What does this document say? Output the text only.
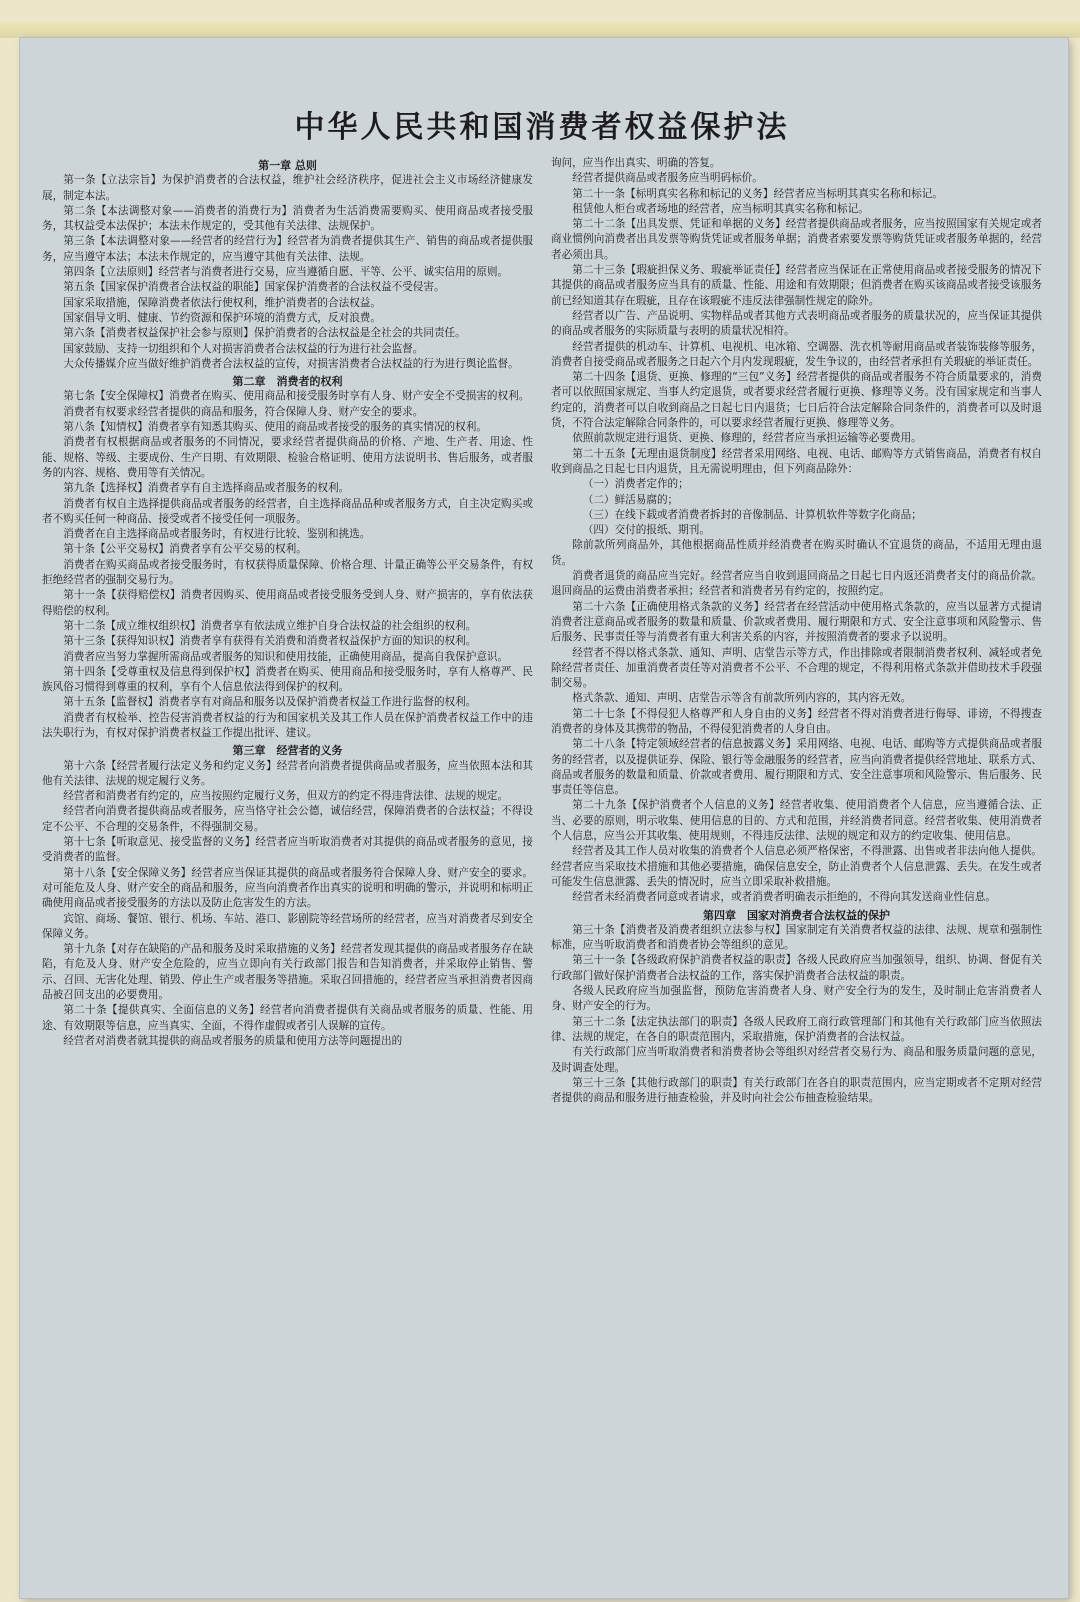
中华人民共和国消费者权益保护法
第一章 总则

第一条【立法宗旨】为保护消费者的合法权益，维护社会经济秩序，促进社会主义市场经济健康发展，制定本法。

第二条【本法调整对象——消费者的消费行为】消费者为生活消费需要购买、使用商品或者接受服务，其权益受本法保护；本法未作规定的，受其他有关法律、法规保护。

第三条【本法调整对象——经营者的经营行为】经营者为消费者提供其生产、销售的商品或者提供服务，应当遵守本法；本法未作规定的，应当遵守其他有关法律、法规。

第四条【立法原则】经营者与消费者进行交易，应当遵循自愿、平等、公平、诚实信用的原则。

第五条【国家保护消费者合法权益的职能】国家保护消费者的合法权益不受侵害。

国家采取措施，保障消费者依法行使权利，维护消费者的合法权益。

国家倡导文明、健康、节约资源和保护环境的消费方式，反对浪费。

第六条【消费者权益保护社会参与原则】保护消费者的合法权益是全社会的共同责任。

国家鼓励、支持一切组织和个人对损害消费者合法权益的行为进行社会监督。

大众传播媒介应当做好维护消费者合法权益的宣传，对损害消费者合法权益的行为进行舆论监督。

第二章　消费者的权利

第七条【安全保障权】消费者在购买、使用商品和接受服务时享有人身、财产安全不受损害的权利。

消费者有权要求经营者提供的商品和服务，符合保障人身、财产安全的要求。

第八条【知情权】消费者享有知悉其购买、使用的商品或者接受的服务的真实情况的权利。

消费者有权根据商品或者服务的不同情况，要求经营者提供商品的价格、产地、生产者、用途、性能、规格、等级、主要成份、生产日期、有效期限、检验合格证明、使用方法说明书、售后服务，或者服务的内容、规格、费用等有关情况。

第九条【选择权】消费者享有自主选择商品或者服务的权利。

消费者有权自主选择提供商品或者服务的经营者，自主选择商品品种或者服务方式，自主决定购买或者不购买任何一种商品、接受或者不接受任何一项服务。

消费者在自主选择商品或者服务时，有权进行比较、鉴别和挑选。

第十条【公平交易权】消费者享有公平交易的权利。

消费者在购买商品或者接受服务时，有权获得质量保障、价格合理、计量正确等公平交易条件，有权拒绝经营者的强制交易行为。

第十一条【获得赔偿权】消费者因购买、使用商品或者接受服务受到人身、财产损害的，享有依法获得赔偿的权利。

第十二条【成立维权组织权】消费者享有依法成立维护自身合法权益的社会组织的权利。

第十三条【获得知识权】消费者享有获得有关消费和消费者权益保护方面的知识的权利。

消费者应当努力掌握所需商品或者服务的知识和使用技能，正确使用商品，提高自我保护意识。

第十四条【受尊重权及信息得到保护权】消费者在购买、使用商品和接受服务时，享有人格尊严、民族风俗习惯得到尊重的权利，享有个人信息依法得到保护的权利。

第十五条【监督权】消费者享有对商品和服务以及保护消费者权益工作进行监督的权利。

消费者有权检举、控告侵害消费者权益的行为和国家机关及其工作人员在保护消费者权益工作中的违法失职行为，有权对保护消费者权益工作提出批评、建议。

第三章　经营者的义务

第十六条【经营者履行法定义务和约定义务】经营者向消费者提供商品或者服务，应当依照本法和其他有关法律、法规的规定履行义务。

经营者和消费者有约定的，应当按照约定履行义务，但双方的约定不得违背法律、法规的规定。

经营者向消费者提供商品或者服务，应当恪守社会公德，诚信经营，保障消费者的合法权益；不得设定不公平、不合理的交易条件，不得强制交易。

第十七条【听取意见、接受监督的义务】经营者应当听取消费者对其提供的商品或者服务的意见，接受消费者的监督。

第十八条【安全保障义务】经营者应当保证其提供的商品或者服务符合保障人身、财产安全的要求。对可能危及人身、财产安全的商品和服务，应当向消费者作出真实的说明和明确的警示，并说明和标明正确使用商品或者接受服务的方法以及防止危害发生的方法。

宾馆、商场、餐馆、银行、机场、车站、港口、影剧院等经营场所的经营者，应当对消费者尽到安全保障义务。

第十九条【对存在缺陷的产品和服务及时采取措施的义务】经营者发现其提供的商品或者服务存在缺陷，有危及人身、财产安全危险的，应当立即向有关行政部门报告和告知消费者，并采取停止销售、警示、召回、无害化处理、销毁、停止生产或者服务等措施。采取召回措施的，经营者应当承担消费者因商品被召回支出的必要费用。

第二十条【提供真实、全面信息的义务】经营者向消费者提供有关商品或者服务的质量、性能、用途、有效期限等信息，应当真实、全面，不得作虚假或者引人误解的宣传。

经营者对消费者就其提供的商品或者服务的质量和使用方法等问题提出的

询问，应当作出真实、明确的答复。

经营者提供商品或者服务应当明码标价。

第二十一条【标明真实名称和标记的义务】经营者应当标明其真实名称和标记。

租赁他人柜台或者场地的经营者，应当标明其真实名称和标记。

第二十二条【出具发票、凭证和单据的义务】经营者提供商品或者服务，应当按照国家有关规定或者商业惯例向消费者出具发票等购货凭证或者服务单据；消费者索要发票等购货凭证或者服务单据的，经营者必须出具。

第二十三条【瑕疵担保义务、瑕疵举证责任】经营者应当保证在正常使用商品或者接受服务的情况下其提供的商品或者服务应当具有的质量、性能、用途和有效期限；但消费者在购买该商品或者接受该服务前已经知道其存在瑕疵，且存在该瑕疵不违反法律强制性规定的除外。

经营者以广告、产品说明、实物样品或者其他方式表明商品或者服务的质量状况的，应当保证其提供的商品或者服务的实际质量与表明的质量状况相符。

经营者提供的机动车、计算机、电视机、电冰箱、空调器、洗衣机等耐用商品或者装饰装修等服务，消费者自接受商品或者服务之日起六个月内发现瑕疵，发生争议的，由经营者承担有关瑕疵的举证责任。

第二十四条【退货、更换、修理的“三包”义务】经营者提供的商品或者服务不符合质量要求的，消费者可以依照国家规定、当事人约定退货，或者要求经营者履行更换、修理等义务。没有国家规定和当事人约定的，消费者可以自收到商品之日起七日内退货；七日后符合法定解除合同条件的，消费者可以及时退货，不符合法定解除合同条件的，可以要求经营者履行更换、修理等义务。

依照前款规定进行退货、更换、修理的，经营者应当承担运输等必要费用。

第二十五条【无理由退货制度】经营者采用网络、电视、电话、邮购等方式销售商品，消费者有权自收到商品之日起七日内退货，且无需说明理由，但下列商品除外：

（一）消费者定作的；

（二）鲜活易腐的；

（三）在线下载或者消费者拆封的音像制品、计算机软件等数字化商品；

（四）交付的报纸、期刊。

除前款所列商品外，其他根据商品性质并经消费者在购买时确认不宜退货的商品，不适用无理由退货。

消费者退货的商品应当完好。经营者应当自收到退回商品之日起七日内返还消费者支付的商品价款。退回商品的运费由消费者承担；经营者和消费者另有约定的，按照约定。

第二十六条【正确使用格式条款的义务】经营者在经营活动中使用格式条款的，应当以显著方式提请消费者注意商品或者服务的数量和质量、价款或者费用、履行期限和方式、安全注意事项和风险警示、售后服务、民事责任等与消费者有重大利害关系的内容，并按照消费者的要求予以说明。

经营者不得以格式条款、通知、声明、店堂告示等方式，作出排除或者限制消费者权利、减轻或者免除经营者责任、加重消费者责任等对消费者不公平、不合理的规定，不得利用格式条款并借助技术手段强制交易。

格式条款、通知、声明、店堂告示等含有前款所列内容的，其内容无效。

第二十七条【不得侵犯人格尊严和人身自由的义务】经营者不得对消费者进行侮辱、诽谤，不得搜查消费者的身体及其携带的物品，不得侵犯消费者的人身自由。

第二十八条【特定领域经营者的信息披露义务】采用网络、电视、电话、邮购等方式提供商品或者服务的经营者，以及提供证券、保险、银行等金融服务的经营者，应当向消费者提供经营地址、联系方式、商品或者服务的数量和质量、价款或者费用、履行期限和方式、安全注意事项和风险警示、售后服务、民事责任等信息。

第二十九条【保护消费者个人信息的义务】经营者收集、使用消费者个人信息，应当遵循合法、正当、必要的原则，明示收集、使用信息的目的、方式和范围，并经消费者同意。经营者收集、使用消费者个人信息，应当公开其收集、使用规则，不得违反法律、法规的规定和双方的约定收集、使用信息。

经营者及其工作人员对收集的消费者个人信息必须严格保密，不得泄露、出售或者非法向他人提供。经营者应当采取技术措施和其他必要措施，确保信息安全，防止消费者个人信息泄露、丢失。在发生或者可能发生信息泄露、丢失的情况时，应当立即采取补救措施。

经营者未经消费者同意或者请求，或者消费者明确表示拒绝的，不得向其发送商业性信息。

第四章　国家对消费者合法权益的保护

第三十条【消费者及消费者组织立法参与权】国家制定有关消费者权益的法律、法规、规章和强制性标准，应当听取消费者和消费者协会等组织的意见。

第三十一条【各级政府保护消费者权益的职责】各级人民政府应当加强领导，组织、协调、督促有关行政部门做好保护消费者合法权益的工作，落实保护消费者合法权益的职责。

各级人民政府应当加强监督，预防危害消费者人身、财产安全行为的发生，及时制止危害消费者人身、财产安全的行为。

第三十二条【法定执法部门的职责】各级人民政府工商行政管理部门和其他有关行政部门应当依照法律、法规的规定，在各自的职责范围内，采取措施，保护消费者的合法权益。

有关行政部门应当听取消费者和消费者协会等组织对经营者交易行为、商品和服务质量问题的意见，及时调查处理。

第三十三条【其他行政部门的职责】有关行政部门在各自的职责范围内，应当定期或者不定期对经营者提供的商品和服务进行抽查检验，并及时向社会公布抽查检验结果。
